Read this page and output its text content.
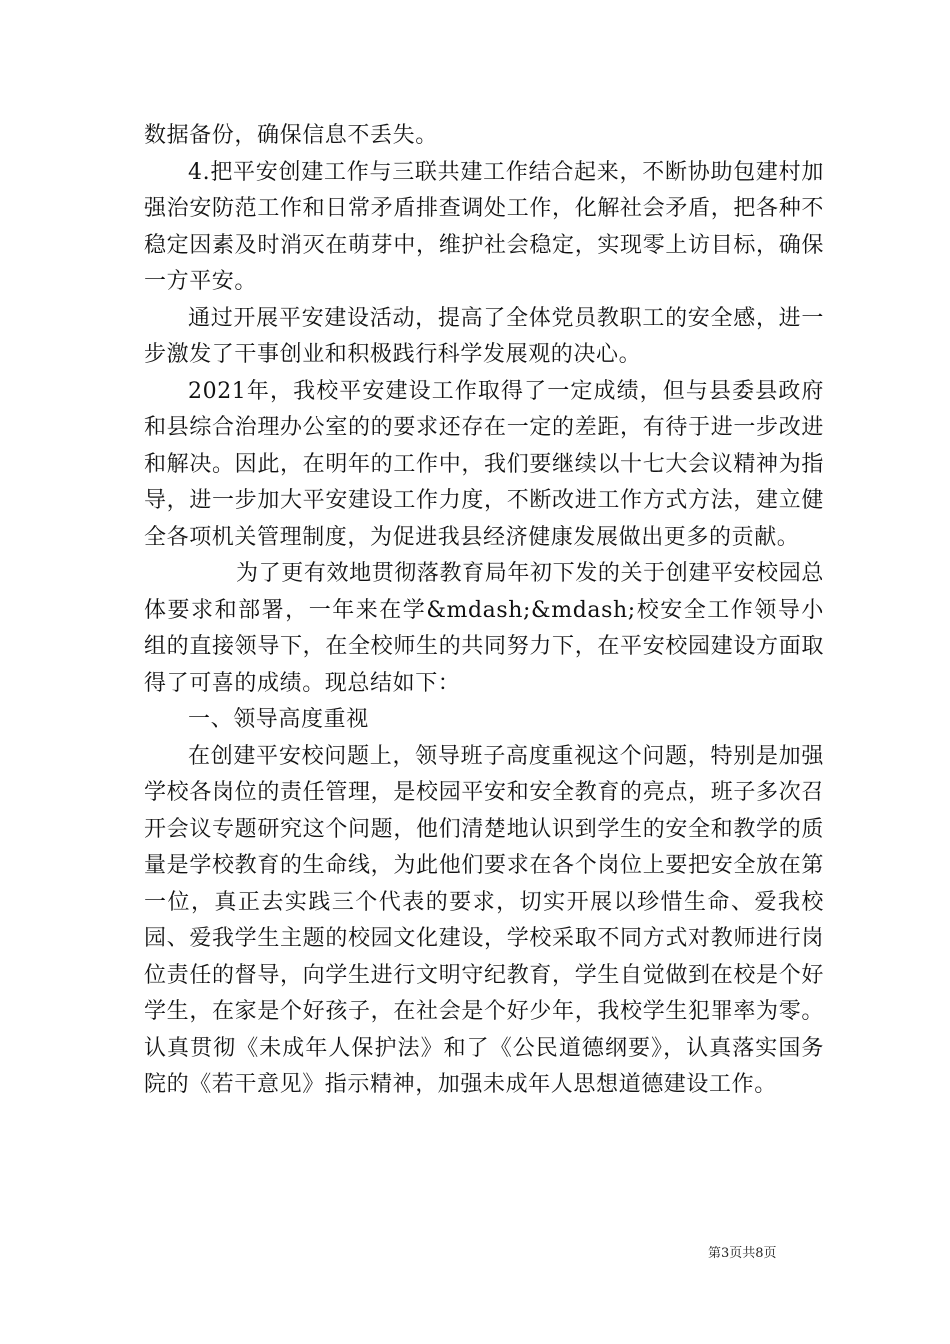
数据备份，确保信息不丢失。

4.把平安创建工作与三联共建工作结合起来，不断协助包建村加强治安防范工作和日常矛盾排查调处工作，化解社会矛盾，把各种不稳定因素及时消灭在萌芽中，维护社会稳定，实现零上访目标，确保一方平安。

通过开展平安建设活动，提高了全体党员教职工的安全感，进一步激发了干事创业和积极践行科学发展观的决心。

2021年，我校平安建设工作取得了一定成绩，但与县委县政府和县综合治理办公室的的要求还存在一定的差距，有待于进一步改进和解决。因此，在明年的工作中，我们要继续以十七大会议精神为指导，进一步加大平安建设工作力度，不断改进工作方式方法，建立健全各项机关管理制度，为促进我县经济健康发展做出更多的贡献。

为了更有效地贯彻落教育局年初下发的关于创建平安校园总体要求和部署，一年来在学&mdash;&mdash;校安全工作领导小组的直接领导下，在全校师生的共同努力下，在平安校园建设方面取得了可喜的成绩。现总结如下：

一、领导高度重视

在创建平安校问题上，领导班子高度重视这个问题，特别是加强学校各岗位的责任管理，是校园平安和安全教育的亮点，班子多次召开会议专题研究这个问题，他们清楚地认识到学生的安全和教学的质量是学校教育的生命线，为此他们要求在各个岗位上要把安全放在第一位，真正去实践三个代表的要求，切实开展以珍惜生命、爱我校园、爱我学生主题的校园文化建设，学校采取不同方式对教师进行岗位责任的督导，向学生进行文明守纪教育，学生自觉做到在校是个好学生，在家是个好孩子，在社会是个好少年，我校学生犯罪率为零。认真贯彻《未成年人保护法》和了《公民道德纲要》，认真落实国务院的《若干意见》指示精神，加强未成年人思想道德建设工作。

第3页共8页
